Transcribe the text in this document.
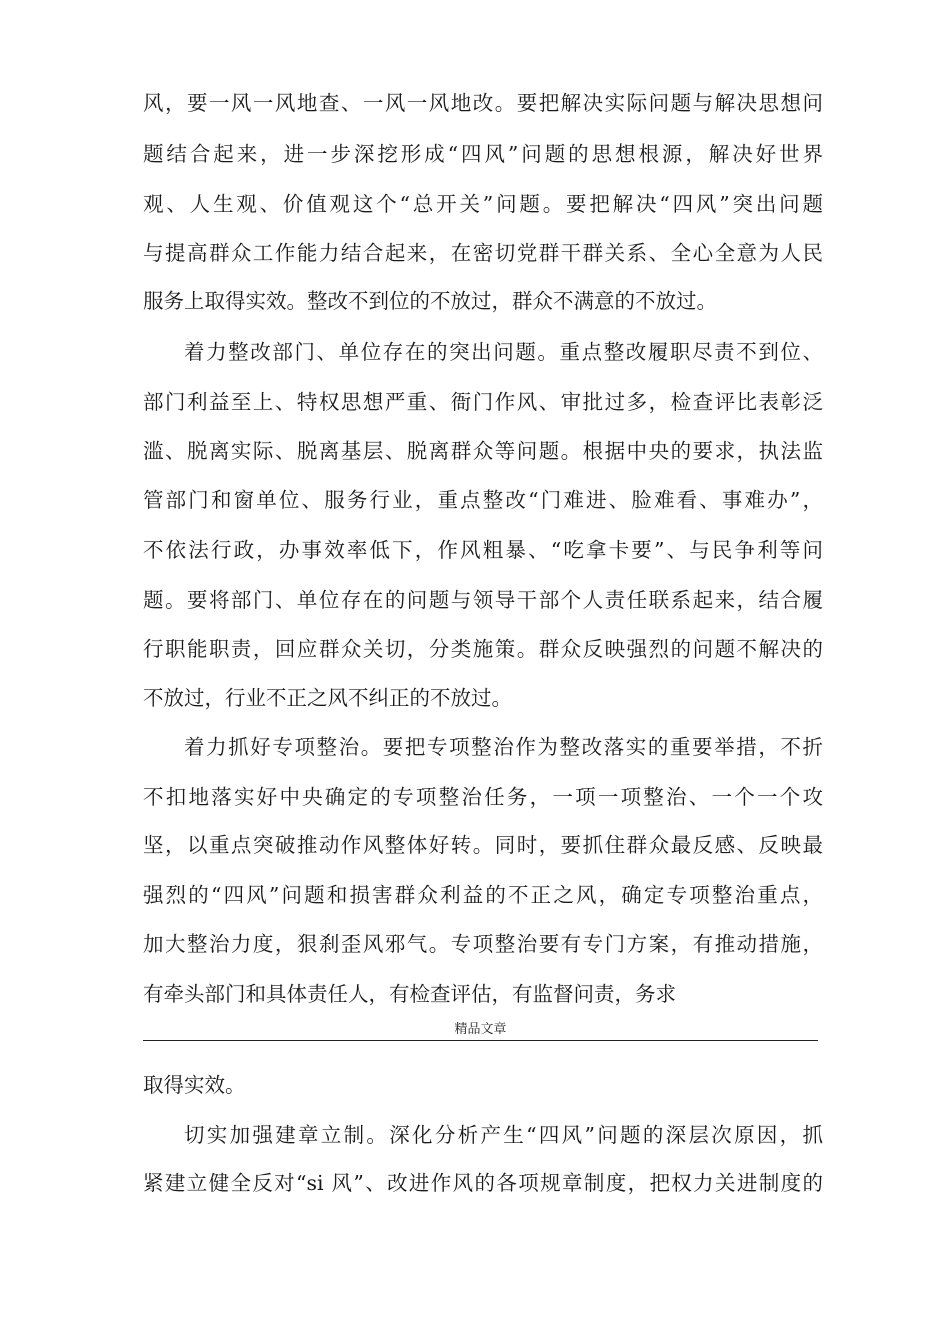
风，要一风一风地查、一风一风地改。要把解决实际问题与解决思想问
题结合起来，进一步深挖形成“四风”问题的思想根源，解决好世界
观、人生观、价值观这个“总开关”问题。要把解决“四风”突出问题
与提高群众工作能力结合起来，在密切党群干群关系、全心全意为人民
服务上取得实效。整改不到位的不放过，群众不满意的不放过。
着力整改部门、单位存在的突出问题。重点整改履职尽责不到位、
部门利益至上、特权思想严重、衙门作风、审批过多，检查评比表彰泛
滥、脱离实际、脱离基层、脱离群众等问题。根据中央的要求，执法监
管部门和窗单位、服务行业，重点整改“门难进、脸难看、事难办”，
不依法行政，办事效率低下，作风粗暴、“吃拿卡要”、与民争利等问
题。要将部门、单位存在的问题与领导干部个人责任联系起来，结合履
行职能职责，回应群众关切，分类施策。群众反映强烈的问题不解决的
不放过，行业不正之风不纠正的不放过。
着力抓好专项整治。要把专项整治作为整改落实的重要举措，不折
不扣地落实好中央确定的专项整治任务，一项一项整治、一个一个攻
坚，以重点突破推动作风整体好转。同时，要抓住群众最反感、反映最
强烈的“四风”问题和损害群众利益的不正之风，确定专项整治重点，
加大整治力度，狠刹歪风邪气。专项整治要有专门方案，有推动措施，
有牵头部门和具体责任人，有检查评估，有监督问责，务求
精品文章
取得实效。
切实加强建章立制。深化分析产生“四风”问题的深层次原因，抓
紧建立健全反对“si 风”、改进作风的各项规章制度，把权力关进制度的
